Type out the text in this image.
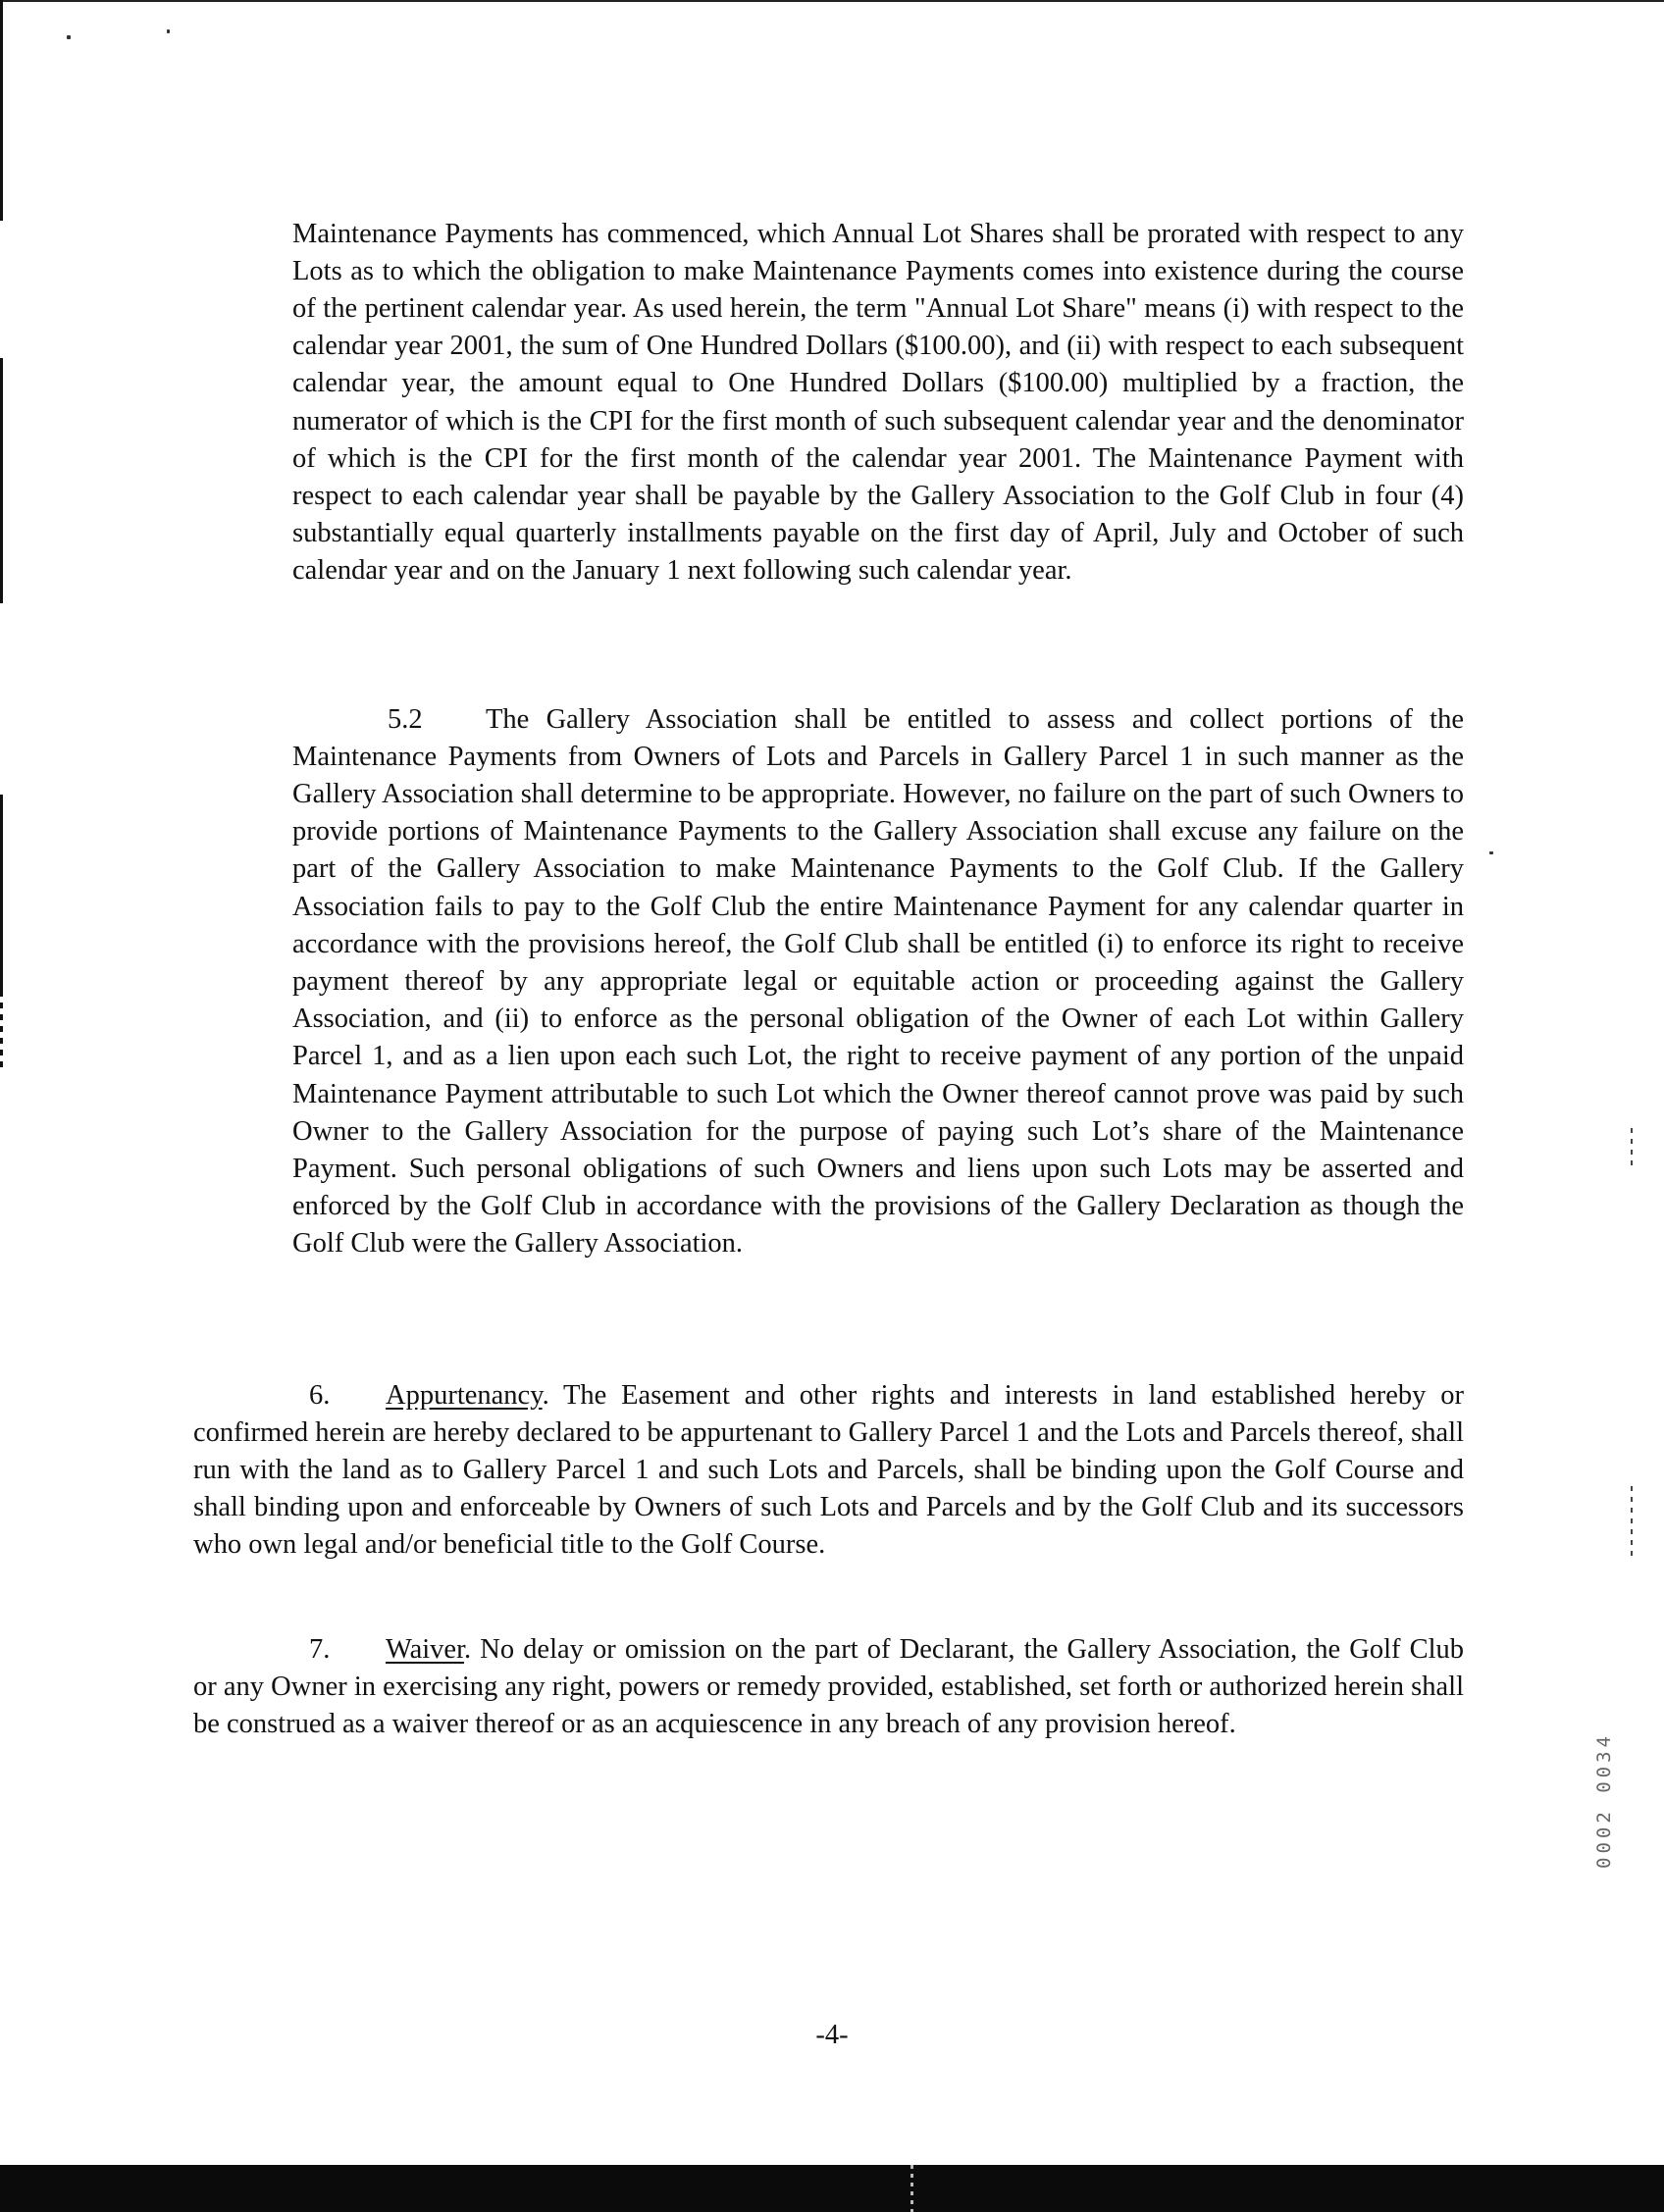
Maintenance Payments has commenced, which Annual Lot Shares shall be prorated with respect to any Lots as to which the obligation to make Maintenance Payments comes into existence during the course of the pertinent calendar year. As used herein, the term "Annual Lot Share" means (i) with respect to the calendar year 2001, the sum of One Hundred Dollars ($100.00), and (ii) with respect to each subsequent calendar year, the amount equal to One Hundred Dollars ($100.00) multiplied by a fraction, the numerator of which is the CPI for the first month of such subsequent calendar year and the denominator of which is the CPI for the first month of the calendar year 2001. The Maintenance Payment with respect to each calendar year shall be payable by the Gallery Association to the Golf Club in four (4) substantially equal quarterly installments payable on the first day of April, July and October of such calendar year and on the January 1 next following such calendar year.

5.2 The Gallery Association shall be entitled to assess and collect portions of the Maintenance Payments from Owners of Lots and Parcels in Gallery Parcel 1 in such manner as the Gallery Association shall determine to be appropriate. However, no failure on the part of such Owners to provide portions of Maintenance Payments to the Gallery Association shall excuse any failure on the part of the Gallery Association to make Maintenance Payments to the Golf Club. If the Gallery Association fails to pay to the Golf Club the entire Maintenance Payment for any calendar quarter in accordance with the provisions hereof, the Golf Club shall be entitled (i) to enforce its right to receive payment thereof by any appropriate legal or equitable action or proceeding against the Gallery Association, and (ii) to enforce as the personal obligation of the Owner of each Lot within Gallery Parcel 1, and as a lien upon each such Lot, the right to receive payment of any portion of the unpaid Maintenance Payment attributable to such Lot which the Owner thereof cannot prove was paid by such Owner to the Gallery Association for the purpose of paying such Lot’s share of the Maintenance Payment. Such personal obligations of such Owners and liens upon such Lots may be asserted and enforced by the Golf Club in accordance with the provisions of the Gallery Declaration as though the Golf Club were the Gallery Association.

6. Appurtenancy. The Easement and other rights and interests in land established hereby or confirmed herein are hereby declared to be appurtenant to Gallery Parcel 1 and the Lots and Parcels thereof, shall run with the land as to Gallery Parcel 1 and such Lots and Parcels, shall be binding upon the Golf Course and shall binding upon and enforceable by Owners of such Lots and Parcels and by the Golf Club and its successors who own legal and/or beneficial title to the Golf Course.

7. Waiver. No delay or omission on the part of Declarant, the Gallery Association, the Golf Club or any Owner in exercising any right, powers or remedy provided, established, set forth or authorized herein shall be construed as a waiver thereof or as an acquiescence in any breach of any provision hereof.

-4-
0002 0034
